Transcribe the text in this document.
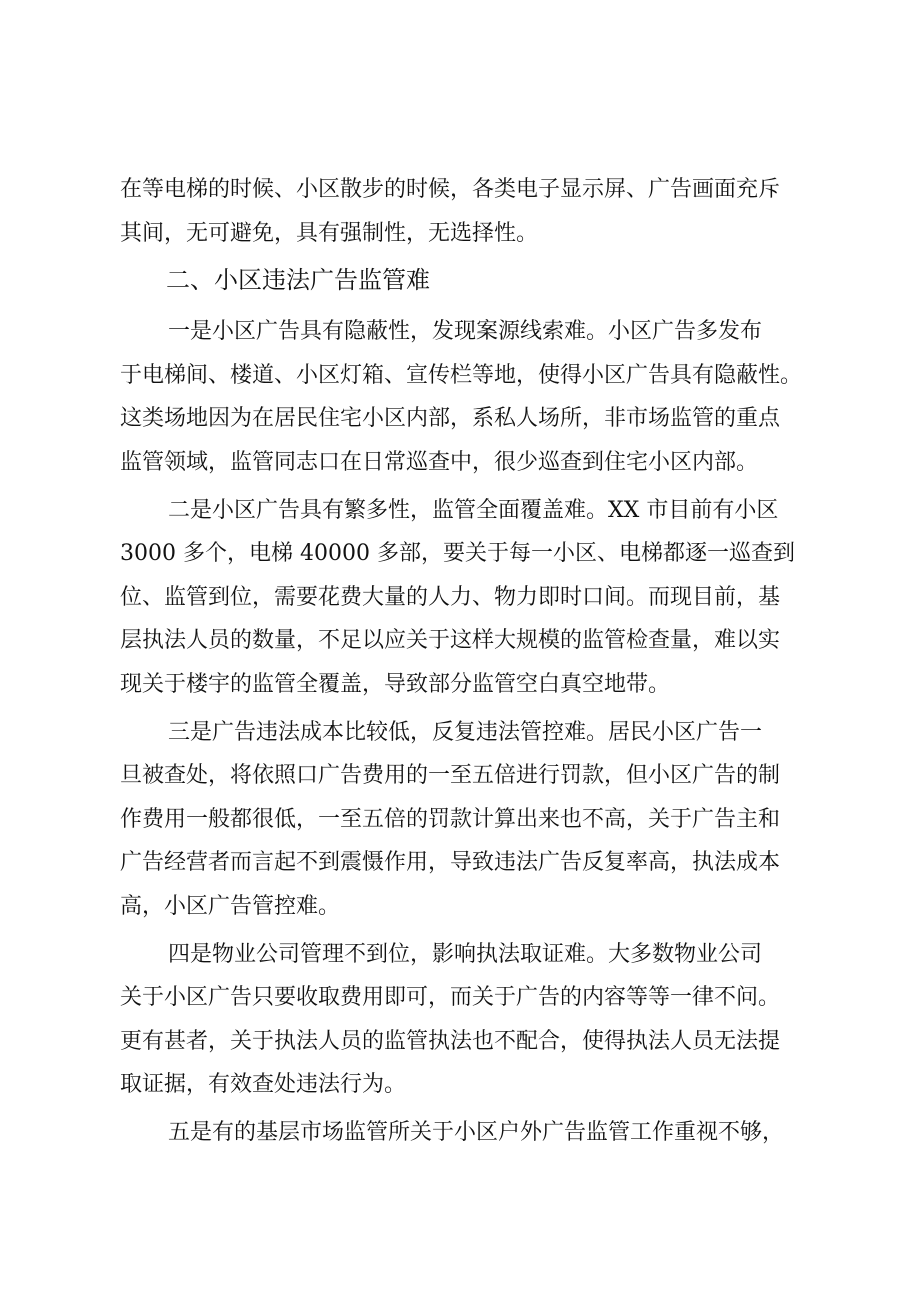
在等电梯的时候、小区散步的时候，各类电子显示屏、广告画面充斥
其间，无可避免，具有强制性，无选择性。
二、小区违法广告监管难
一是小区广告具有隐蔽性，发现案源线索难。小区广告多发布
于电梯间、楼道、小区灯箱、宣传栏等地，使得小区广告具有隐蔽性。
这类场地因为在居民住宅小区内部，系私人场所，非市场监管的重点
监管领域，监管同志口在日常巡查中，很少巡查到住宅小区内部。
二是小区广告具有繁多性，监管全面覆盖难。XX 市目前有小区
3000 多个，电梯 40000 多部，要关于每一小区、电梯都逐一巡查到
位、监管到位，需要花费大量的人力、物力即时口间。而现目前，基
层执法人员的数量，不足以应关于这样大规模的监管检查量，难以实
现关于楼宇的监管全覆盖，导致部分监管空白真空地带。
三是广告违法成本比较低，反复违法管控难。居民小区广告一
旦被查处，将依照口广告费用的一至五倍进行罚款，但小区广告的制
作费用一般都很低，一至五倍的罚款计算出来也不高，关于广告主和
广告经营者而言起不到震慑作用，导致违法广告反复率高，执法成本
高，小区广告管控难。
四是物业公司管理不到位，影响执法取证难。大多数物业公司
关于小区广告只要收取费用即可，而关于广告的内容等等一律不问。
更有甚者，关于执法人员的监管执法也不配合，使得执法人员无法提
取证据，有效查处违法行为。
五是有的基层市场监管所关于小区户外广告监管工作重视不够，
